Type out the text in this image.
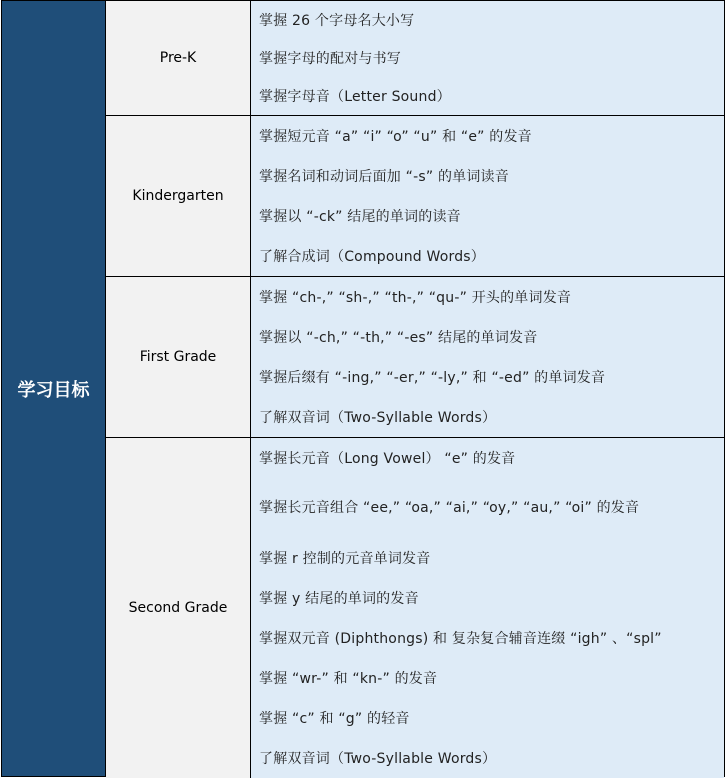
学习目标
Pre-K
掌握 26 个字母名大小写
掌握字母的配对与书写
掌握字母音（Letter Sound）
Kindergarten
掌握短元音 “a” “i” “o” “u” 和 “e” 的发音
掌握名词和动词后面加 “-s” 的单词读音
掌握以 “-ck” 结尾的单词的读音
了解合成词（Compound Words）
First Grade
掌握 “ch-,” “sh-,” “th-,” “qu-” 开头的单词发音
掌握以 “-ch,” “-th,” “-es” 结尾的单词发音
掌握后缀有 “-ing,” “-er,” “-ly,” 和 “-ed” 的单词发音
了解双音词（Two-Syllable Words）
Second Grade
掌握长元音（Long Vowel） “e” 的发音
掌握长元音组合 “ee,” “oa,” “ai,” “oy,” “au,” “oi” 的发音
掌握 r 控制的元音单词发音
掌握 y 结尾的单词的发音
掌握双元音 (Diphthongs) 和 复杂复合辅音连缀 “igh” 、“spl”
掌握 “wr-” 和 “kn-” 的发音
掌握 “c” 和 “g” 的轻音
了解双音词（Two-Syllable Words）
